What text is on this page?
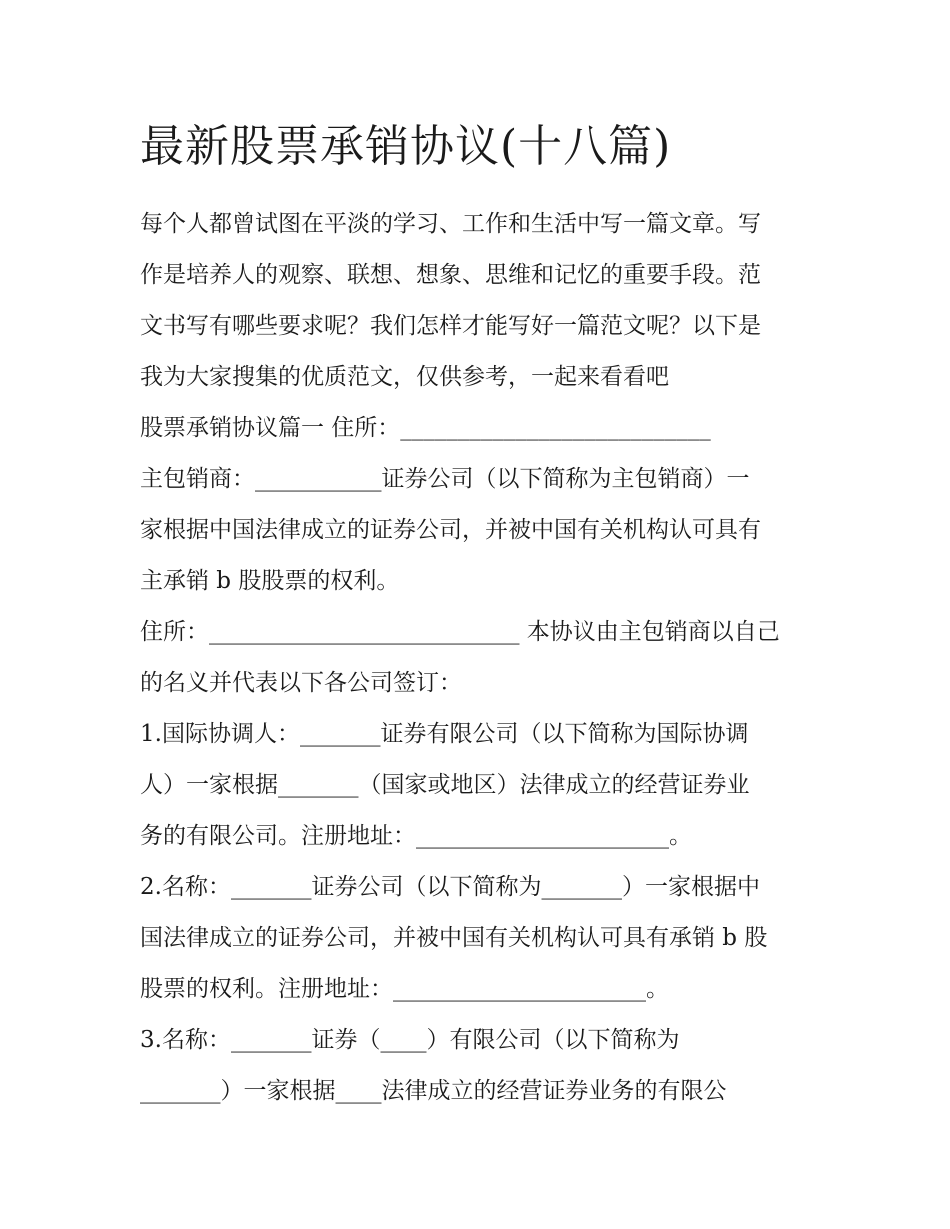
最新股票承销协议(十八篇)
每个人都曾试图在平淡的学习、工作和生活中写一篇文章。写
作是培养人的观察、联想、想象、思维和记忆的重要手段。范
文书写有哪些要求呢？我们怎样才能写好一篇范文呢？以下是
我为大家搜集的优质范文，仅供参考，一起来看看吧
股票承销协议篇一 住所：___________________________
主包销商：___________证券公司（以下简称为主包销商）一
家根据中国法律成立的证券公司，并被中国有关机构认可具有
主承销 b 股股票的权利。
住所：___________________________ 本协议由主包销商以自己
的名义并代表以下各公司签订：
1.国际协调人：_______证券有限公司（以下简称为国际协调
人）一家根据_______（国家或地区）法律成立的经营证券业
务的有限公司。注册地址：______________________。
2.名称：_______证券公司（以下简称为_______）一家根据中
国法律成立的证券公司，并被中国有关机构认可具有承销 b 股
股票的权利。注册地址：______________________。
3.名称：_______证券（____）有限公司（以下简称为
_______）一家根据____法律成立的经营证券业务的有限公
